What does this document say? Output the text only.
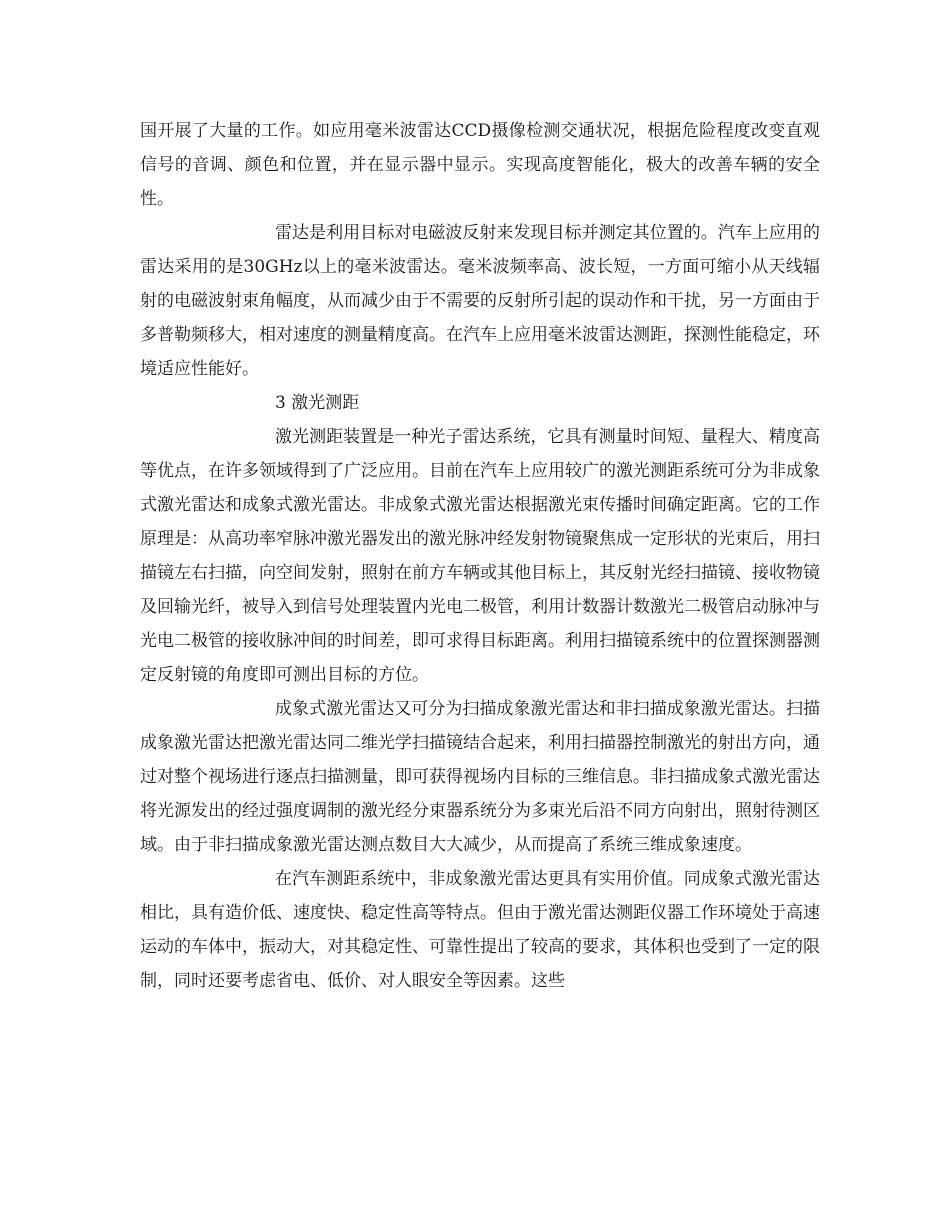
国开展了大量的工作。如应用毫米波雷达CCD摄像检测交通状况，根据危险程度改变直观信号的音调、颜色和位置，并在显示器中显示。实现高度智能化，极大的改善车辆的安全性。

雷达是利用目标对电磁波反射来发现目标并测定其位置的。汽车上应用的雷达采用的是30GHz以上的毫米波雷达。毫米波频率高、波长短，一方面可缩小从天线辐射的电磁波射束角幅度，从而减少由于不需要的反射所引起的误动作和干扰，另一方面由于多普勒频移大，相对速度的测量精度高。在汽车上应用毫米波雷达测距，探测性能稳定，环境适应性能好。

3 激光测距

激光测距装置是一种光子雷达系统，它具有测量时间短、量程大、精度高等优点，在许多领域得到了广泛应用。目前在汽车上应用较广的激光测距系统可分为非成象式激光雷达和成象式激光雷达。非成象式激光雷达根据激光束传播时间确定距离。它的工作原理是：从高功率窄脉冲激光器发出的激光脉冲经发射物镜聚焦成一定形状的光束后，用扫描镜左右扫描，向空间发射，照射在前方车辆或其他目标上，其反射光经扫描镜、接收物镜及回输光纤，被导入到信号处理装置内光电二极管，利用计数器计数激光二极管启动脉冲与光电二极管的接收脉冲间的时间差，即可求得目标距离。利用扫描镜系统中的位置探测器测定反射镜的角度即可测出目标的方位。

成象式激光雷达又可分为扫描成象激光雷达和非扫描成象激光雷达。扫描成象激光雷达把激光雷达同二维光学扫描镜结合起来，利用扫描器控制激光的射出方向，通过对整个视场进行逐点扫描测量，即可获得视场内目标的三维信息。非扫描成象式激光雷达将光源发出的经过强度调制的激光经分束器系统分为多束光后沿不同方向射出，照射待测区域。由于非扫描成象激光雷达测点数目大大减少，从而提高了系统三维成象速度。

在汽车测距系统中，非成象激光雷达更具有实用价值。同成象式激光雷达相比，具有造价低、速度快、稳定性高等特点。但由于激光雷达测距仪器工作环境处于高速运动的车体中，振动大，对其稳定性、可靠性提出了较高的要求，其体积也受到了一定的限制，同时还要考虑省电、低价、对人眼安全等因素。这些
